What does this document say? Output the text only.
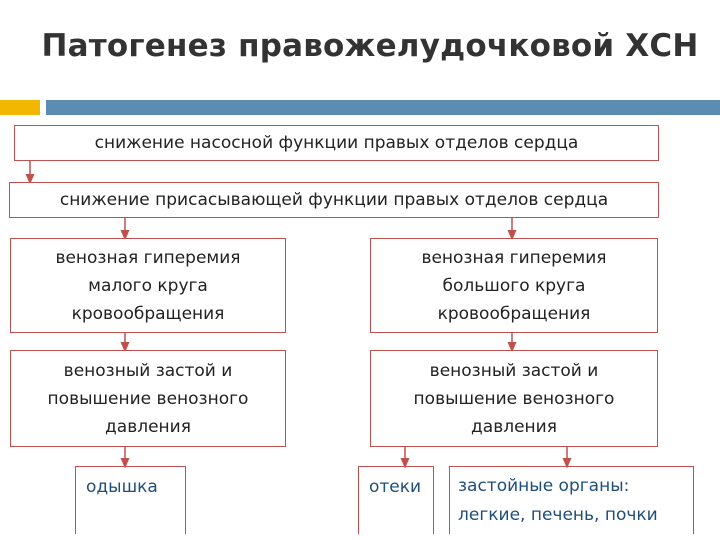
Патогенез правожелудочковой ХСН
снижение насосной функции правых отделов сердца
снижение присасывающей функции правых отделов сердца
венозная гиперемия малого круга кровообращения
венозная гиперемия большого круга кровообращения
венозный застой и повышение венозного давления
венозный застой и повышение венозного давления
одышка	отеки	застойные органы:
легкие, печень, почки
